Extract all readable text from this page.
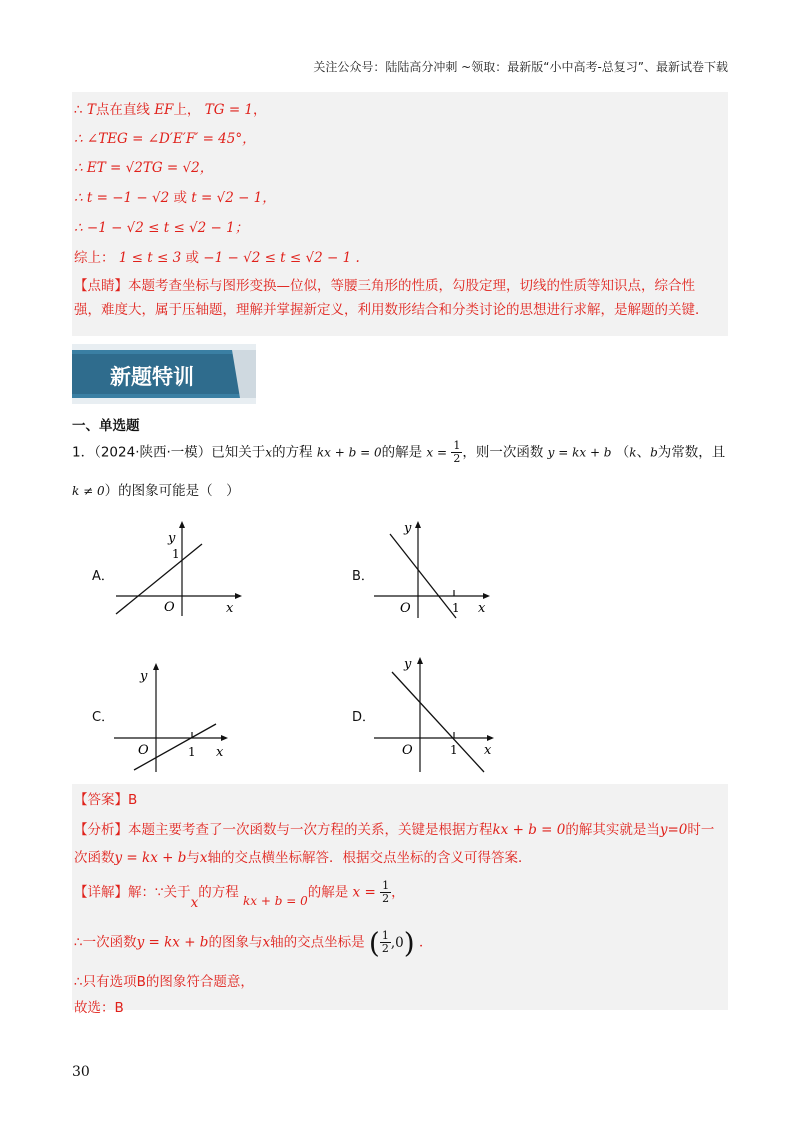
关注公众号：陆陆高分冲刺 ~领取：最新版“小中高考-总复习”、最新试卷下载
∴ T点在直线 EF上， TG = 1，
∴ ∠TEG = ∠D′E′F′ = 45°，
∴ ET = √2TG = √2，
∴ t = −1 − √2 或 t = √2 − 1，
∴ −1 − √2 ≤ t ≤ √2 − 1；
综上： 1 ≤ t ≤ 3 或 −1 − √2 ≤ t ≤ √2 − 1 .
【点睛】本题考查坐标与图形变换—位似，等腰三角形的性质，勾股定理，切线的性质等知识点，综合性
强，难度大，属于压轴题，理解并掌握新定义，利用数形结合和分类讨论的思想进行求解，是解题的关键．
新题特训
一、单选题
1．（2024·陕西·一模）已知关于x的方程 kx + b = 0的解是 $x = \frac{1}{2}$ ，则一次函数 y = kx + b （k、b为常数，且
k ≠ 0）的图象可能是（　）
A．	B．
C．	D．
y
1
O	x
y
O	1 x
y
O	1 x
y
O	1 x
【答案】B
【分析】本题主要考查了一次函数与一次方程的关系，关键是根据方程kx + b = 0的解其实就是当y=0时一
次函数y = kx + b与x轴的交点横坐标解答．根据交点坐标的含义可得答案．
【详解】解：∵关于x的方程 kx + b = 0的解是 $x = \frac{1}{2}$ ，
∴一次函数y = kx + b的图象与x轴的交点坐标是 ( $\frac{1}{2} ,0$) ．
∴只有选项B的图象符合题意，
故选：B
30
